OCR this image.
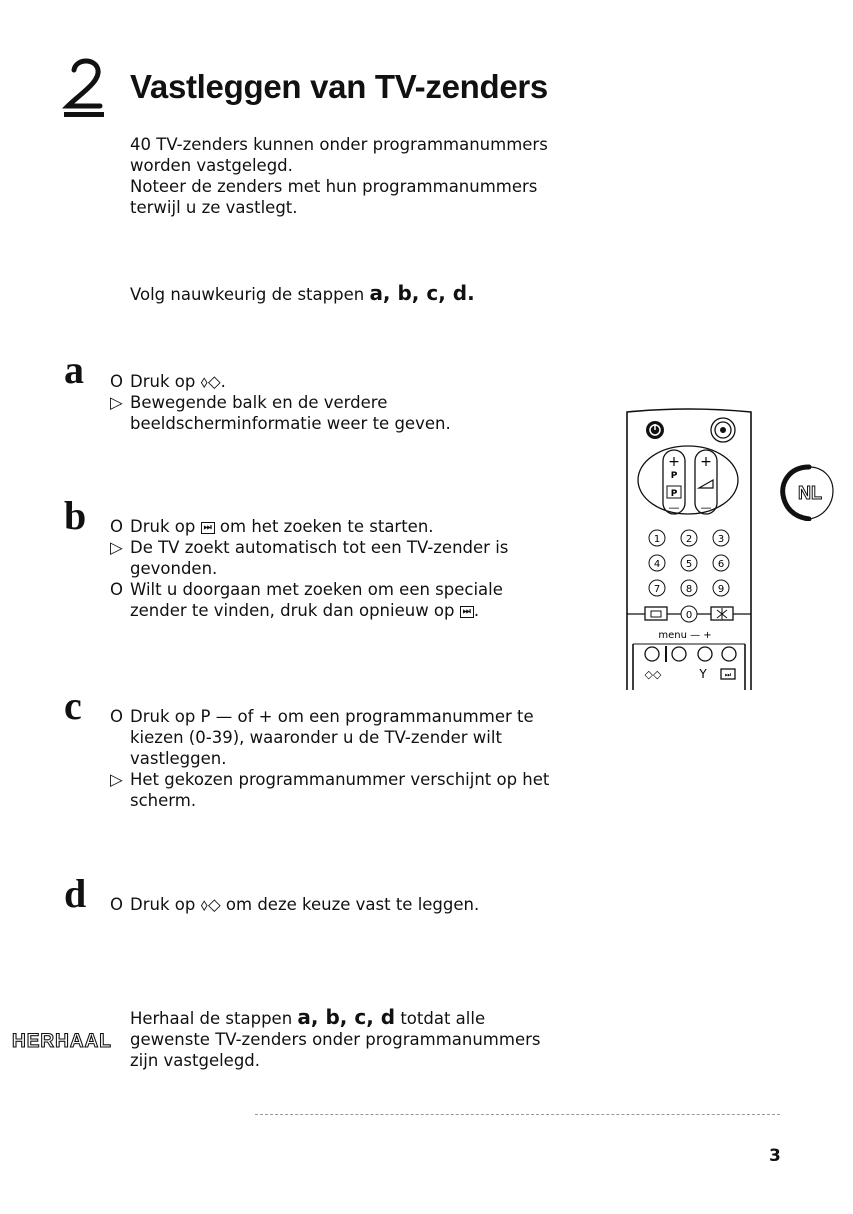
Vastleggen van TV-zenders
40 TV-zenders kunnen onder programmanummers
worden vastgelegd.
Noteer de zenders met hun programmanummers
terwijl u ze vastlegt.
Volg nauwkeurig de stappen a, b, c, d.
a O Druk op ⬨◇.
▷ Bewegende balk en de verdere
beeldscherminformatie weer te geven.
b O Druk op ⏭ om het zoeken te starten.
▷ De TV zoekt automatisch tot een TV-zender is
gevonden.
O Wilt u doorgaan met zoeken om een speciale
zender te vinden, druk dan opnieuw op ⏭ .
c O Druk op P — of + om een programmanummer te
kiezen (0-39), waaronder u de TV-zender wilt
vastleggen.
▷ Het gekozen programmanummer verschijnt op het
scherm.
d O Druk op ⬨◇ om deze keuze vast te leggen.
HERHAAL
Herhaal de stappen a, b, c, d totdat alle
gewenste TV-zenders onder programmanummers
zijn vastgelegd.
+
P
P
—
+
—
1	2	3
4	5	6
7	8	9
0
menu — +
◇◇	Y	⏭
NL
3
